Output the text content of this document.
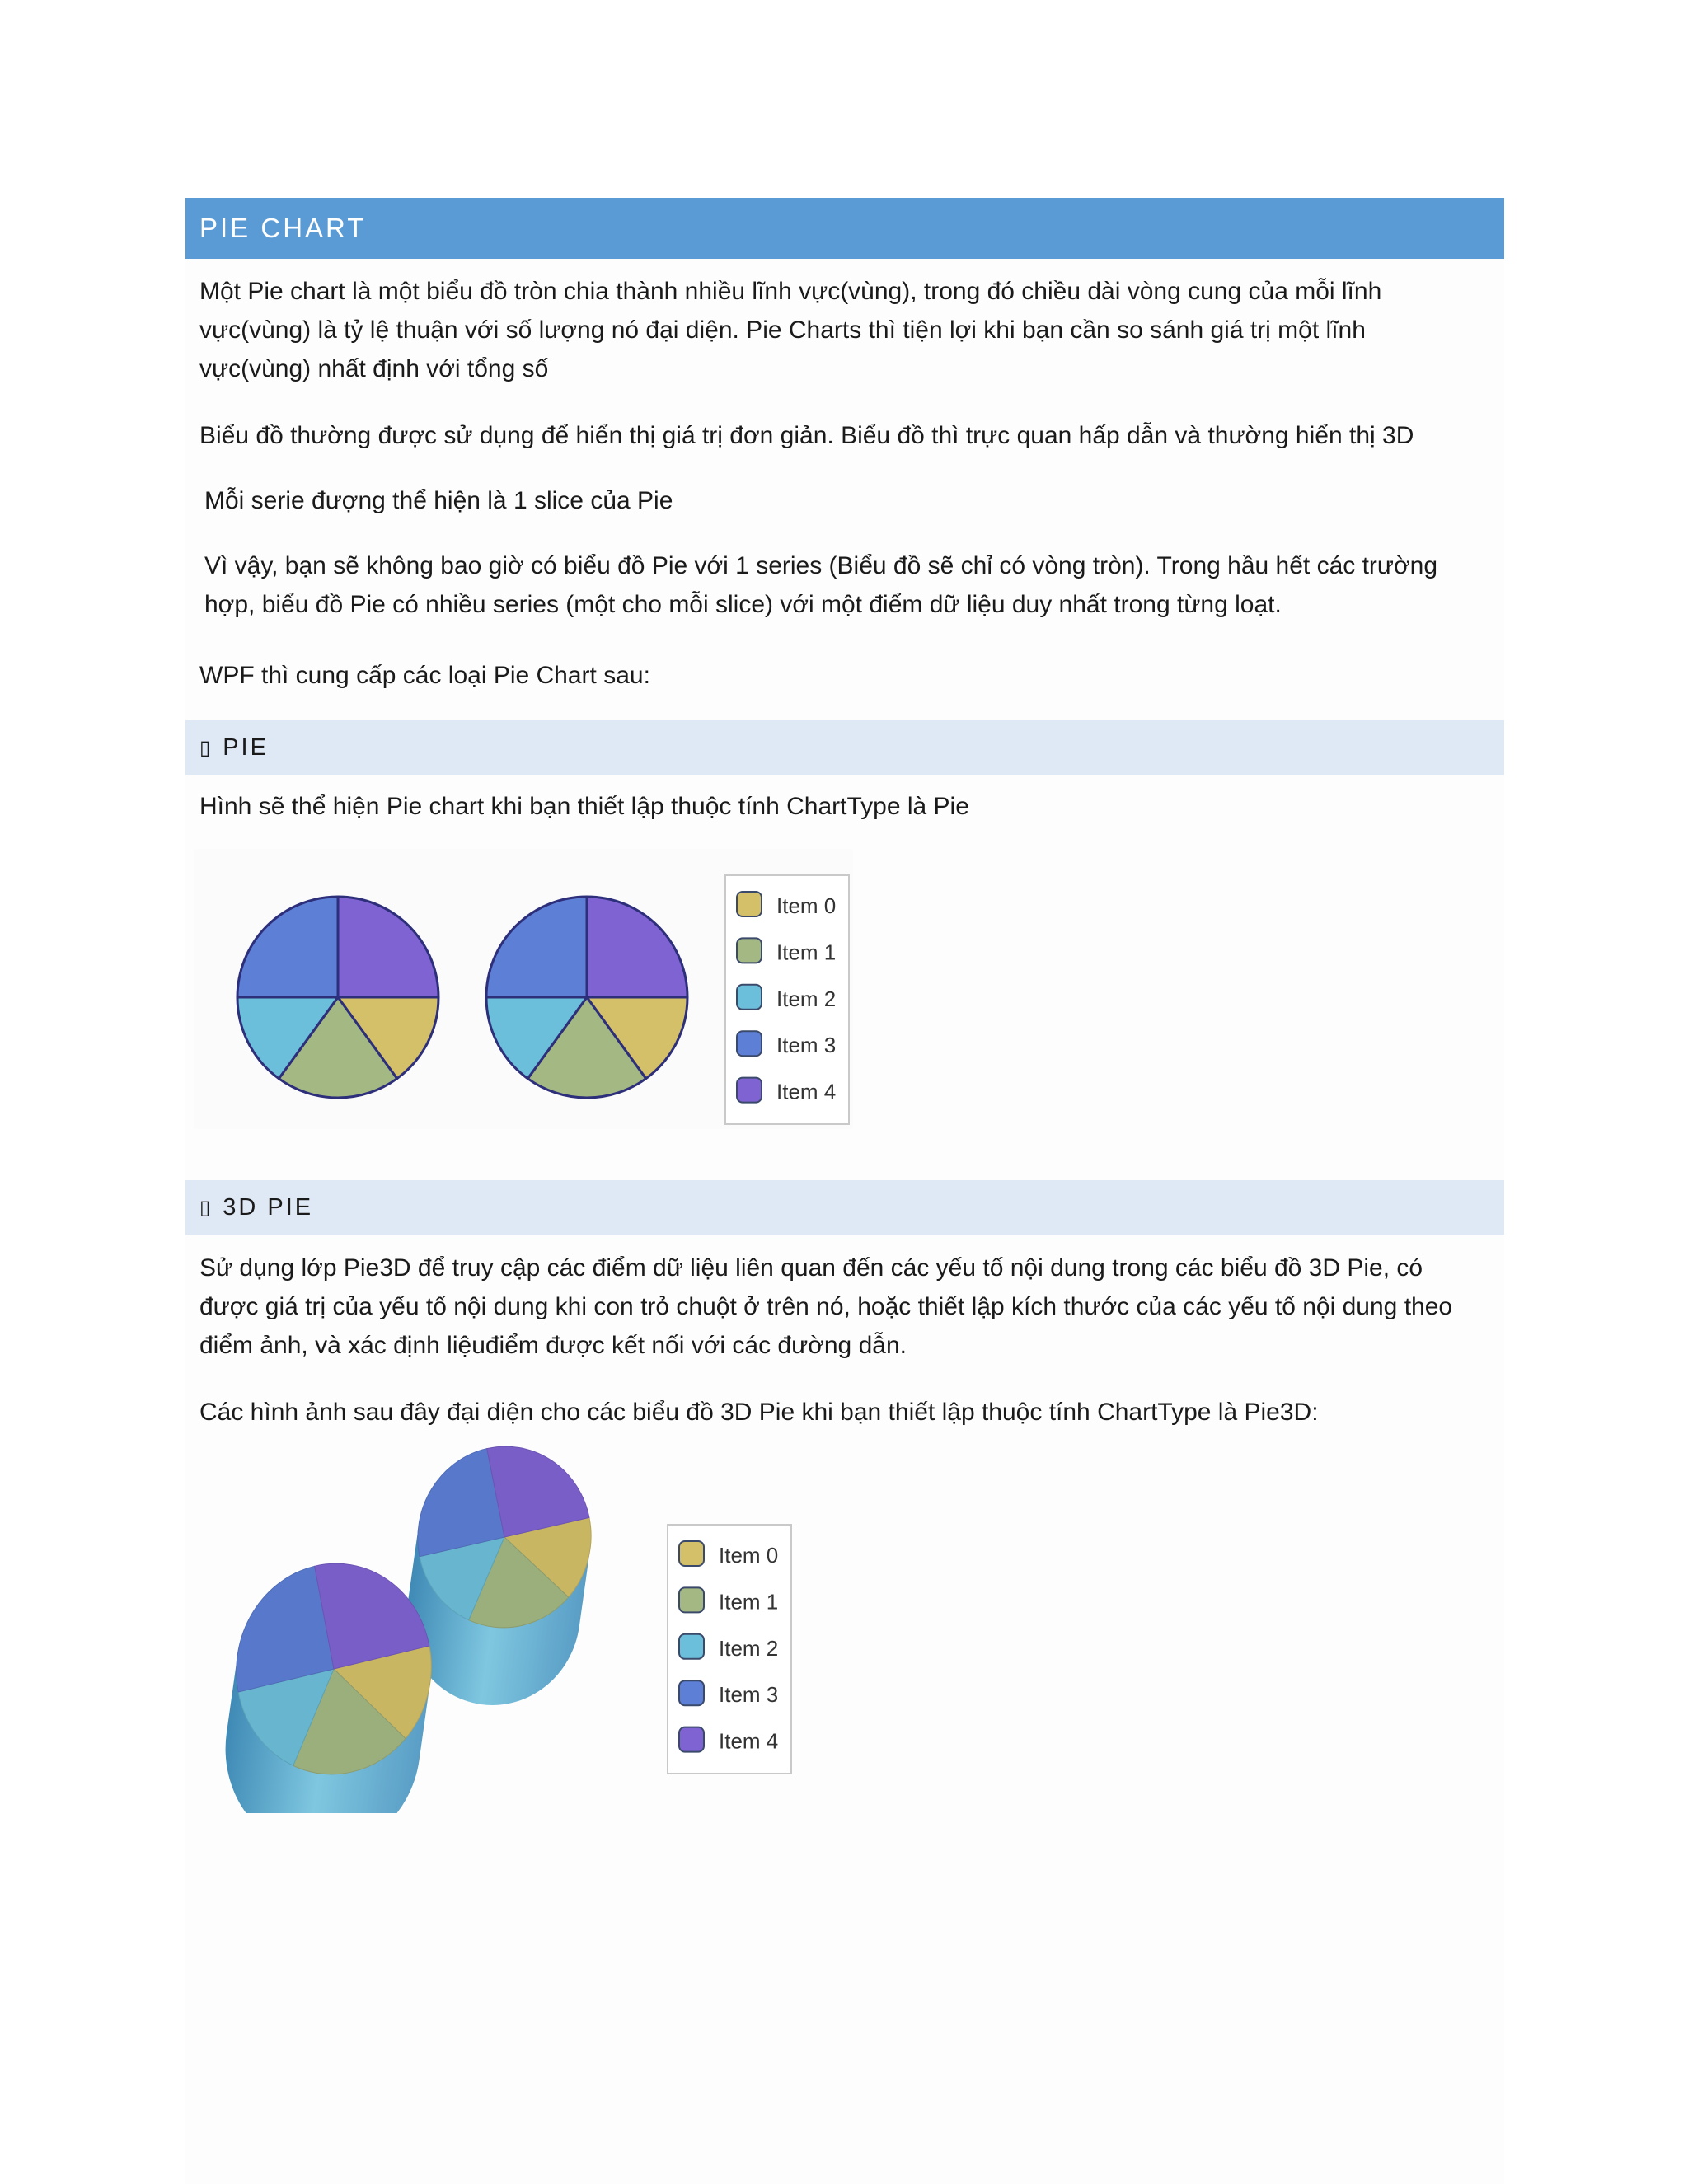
PIE CHART
Một Pie chart là một biểu đồ tròn chia thành nhiều lĩnh vực(vùng), trong đó chiều dài vòng cung của mỗi lĩnh vực(vùng) là tỷ lệ thuận với số lượng nó đại diện. Pie Charts thì tiện lợi khi bạn cần so sánh giá trị một lĩnh vực(vùng) nhất định với tổng số
Biểu đồ thường được sử dụng để hiển thị giá trị đơn giản. Biểu đồ thì trực quan hấp dẫn và thường hiển thị 3D
Mỗi serie đượng thể hiện là 1 slice của Pie
Vì vậy, bạn sẽ không bao giờ có biểu đồ Pie với 1 series (Biểu đồ sẽ chỉ có vòng tròn). Trong hầu hết các trường hợp, biểu đồ Pie có nhiều series (một cho mỗi slice) với một điểm dữ liệu duy nhất trong từng loạt.
WPF thì cung cấp các loại Pie Chart sau:
▯ PIE
Hình sẽ thể hiện Pie chart khi bạn thiết lập thuộc tính ChartType là Pie
Item 0
Item 1
Item 2
Item 3
Item 4
▯ 3D PIE
Sử dụng lớp Pie3D để truy cập các điểm dữ liệu liên quan đến các yếu tố nội dung trong các biểu đồ 3D Pie, có được giá trị của yếu tố nội dung khi con trỏ chuột ở trên nó, hoặc thiết lập kích thước của các yếu tố nội dung theo điểm ảnh, và xác định liệuđiểm được kết nối với các đường dẫn.
Các hình ảnh sau đây đại diện cho các biểu đồ 3D Pie khi bạn thiết lập thuộc tính ChartType là Pie3D:
Item 0
Item 1
Item 2
Item 3
Item 4
